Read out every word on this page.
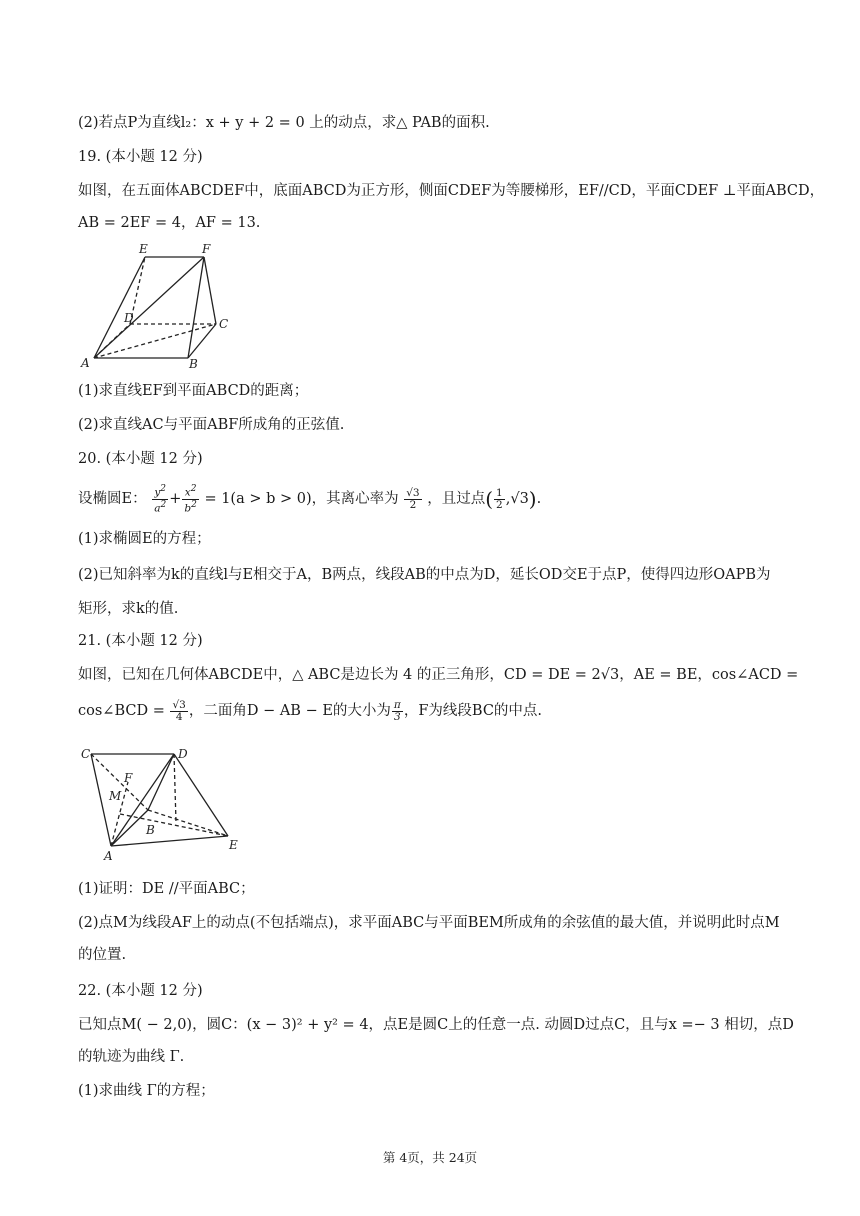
(2)若点P为直线l₂：x + y + 2 = 0 上的动点，求△ PAB的面积.
19. (本小题 12 分)
如图，在五面体ABCDEF中，底面ABCD为正方形，侧面CDEF为等腰梯形，EF//CD，平面CDEF ⊥平面ABCD，
AB = 2EF = 4，AF = 13.
E	F
D	C
A	B
(1)求直线EF到平面ABCD的距离；
(2)求直线AC与平面ABF所成角的正弦值.
20. (本小题 12 分)
设椭圆E： $\frac{y^2}{a^2} + \frac{x^2}{b^2} = 1(a > b > 0)$，其离心率为 $\frac{√3}{2}$ ，且过点( $\frac{1}{2} ,√3$).
(1)求椭圆E的方程；
(2)已知斜率为k的直线l与E相交于A，B两点，线段AB的中点为D，延长OD交E于点P，使得四边形OAPB为
矩形，求k的值.
21. (本小题 12 分)
如图，已知在几何体ABCDE中，△ ABC是边长为 4 的正三角形，CD = DE = 2√3，AE = BE，cos∠ACD =
cos∠BCD = $\frac{√3}{4}$ ，二面角D − AB − E的大小为 $\frac{\pi}{3}$ ，F为线段BC的中点.
C	D
F
M
B
A
E
(1)证明：DE //平面ABC；
(2)点M为线段AF上的动点(不包括端点)，求平面ABC与平面BEM所成角的余弦值的最大值，并说明此时点M
的位置.
22. (本小题 12 分)
已知点M( − 2,0)，圆C：(x − 3)² + y² = 4，点E是圆C上的任意一点. 动圆D过点C，且与x =− 3 相切，点D
的轨迹为曲线 Γ.
(1)求曲线 Γ的方程；
第 4页，共 24页
